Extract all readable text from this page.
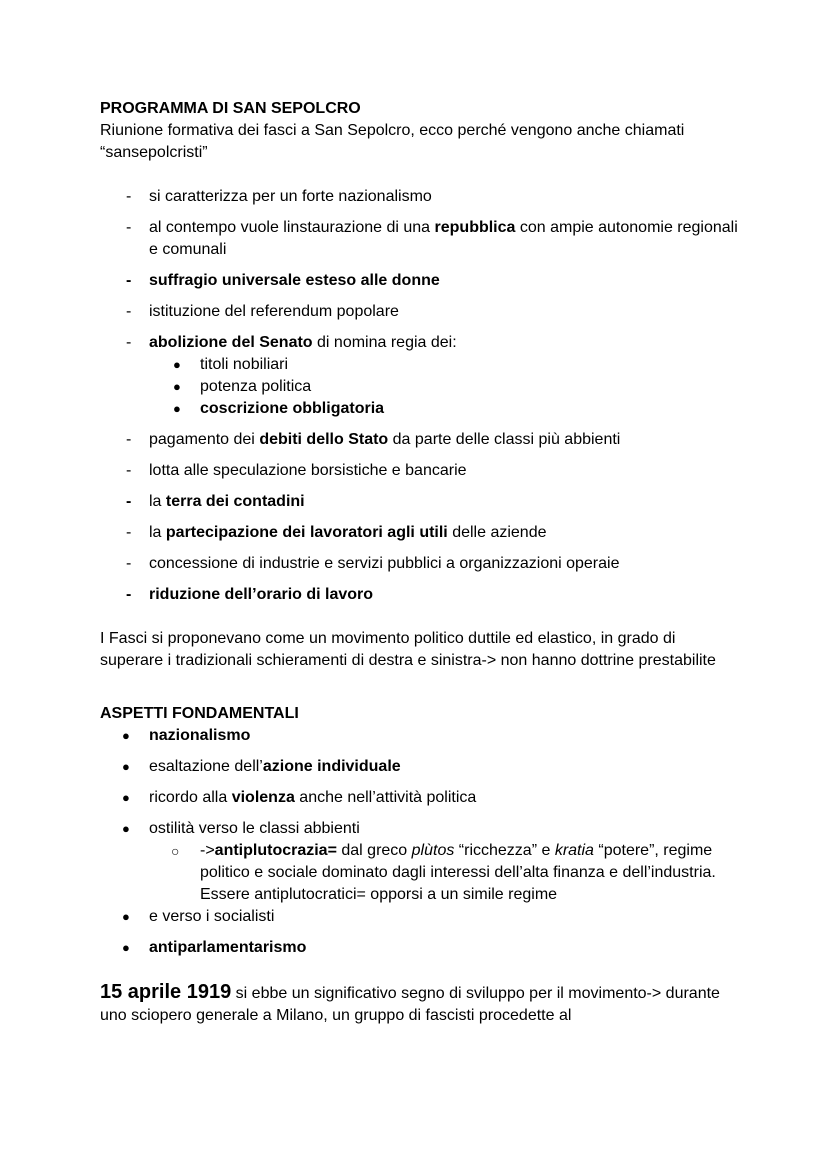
PROGRAMMA DI SAN SEPOLCRO

Riunione formativa dei fasci a San Sepolcro, ecco perché vengono anche chiamati “sansepolcristi”

- si caratterizza per un forte nazionalismo
- al contempo vuole linstaurazione di una repubblica con ampie autonomie regionali e comunali
- suffragio universale esteso alle donne
- istituzione del referendum popolare
- abolizione del Senato di nomina regia dei:
● titoli nobiliari
● potenza politica
● coscrizione obbligatoria
- pagamento dei debiti dello Stato da parte delle classi più abbienti
- lotta alle speculazione borsistiche e bancarie
- la terra dei contadini
- la partecipazione dei lavoratori agli utili delle aziende
- concessione di industrie e servizi pubblici a organizzazioni operaie
- riduzione dell’orario di lavoro

I Fasci si proponevano come un movimento politico duttile ed elastico, in grado di superare i tradizionali schieramenti di destra e sinistra-> non hanno dottrine prestabilite

ASPETTI FONDAMENTALI

● nazionalismo
● esaltazione dell’azione individuale
● ricordo alla violenza anche nell’attività politica
● ostilità verso le classi abbienti
○ ->antiplutocrazia= dal greco plùtos “ricchezza” e kratia “potere”, regime politico e sociale dominato dagli interessi dell’alta finanza e dell’industria. Essere antiplutocratici= opporsi a un simile regime
● e verso i socialisti
● antiparlamentarismo

15 aprile 1919 si ebbe un significativo segno di sviluppo per il movimento-> durante uno sciopero generale a Milano, un gruppo di fascisti procedette al
